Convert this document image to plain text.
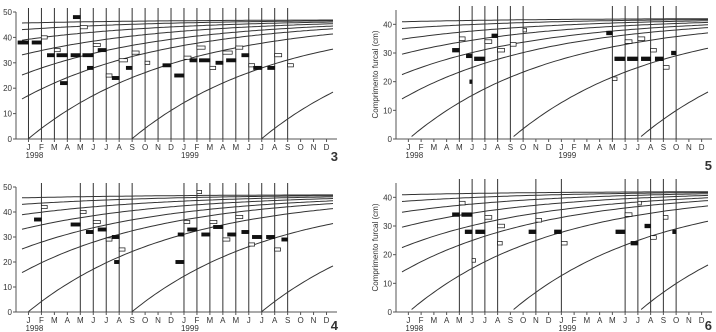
0
10
20
30
40
50
J F M A M J J A S O N D J F M A M J J A S O N D
1998	1999	3
0
10
20
30
40
J F M A M J J A S O N D J F M A M J J A S O N D
1998	1999
5
Comprimento furcal (cm)
0
10
20
30
40
50
J F M A M J J A S O N D J F M A M J J A S O N D
1998	1999	4
0
10
20
30
40
J F M A M J J A S O N D J F M A M J J A S O N D
1998	1999	6
Comprimento furcal (cm)
